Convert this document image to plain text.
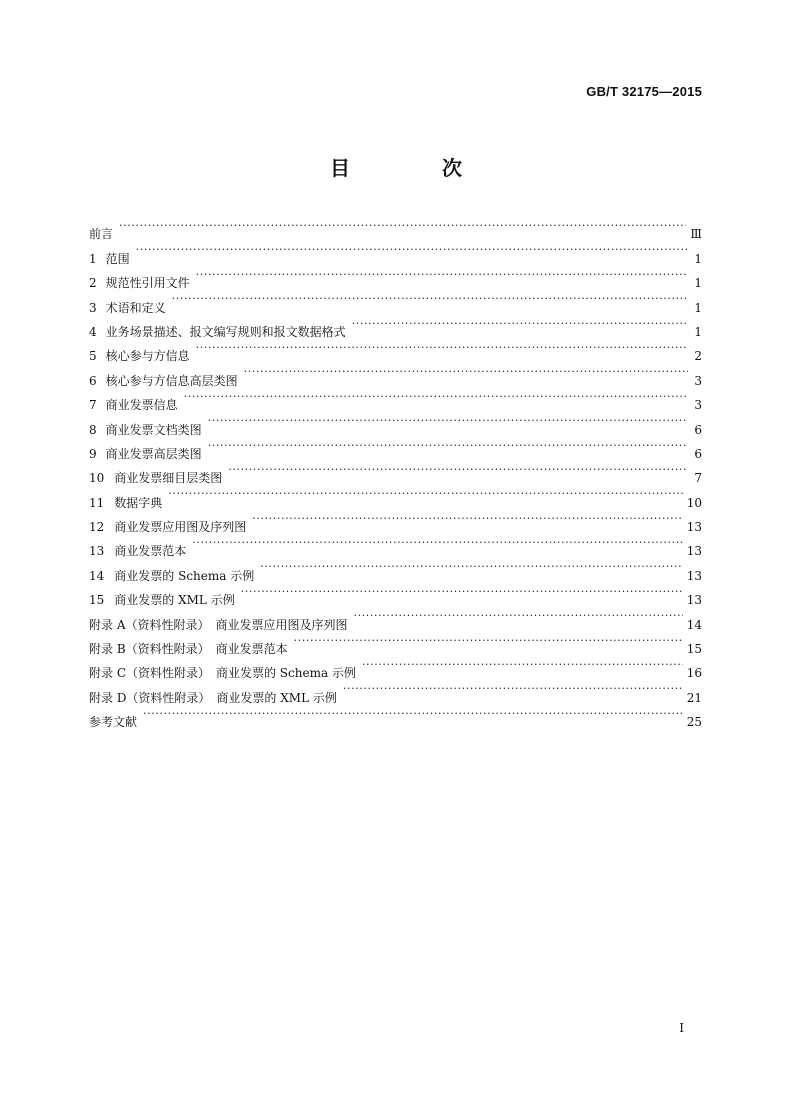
GB/T 32175—2015
目　次
前言 ·····	Ⅲ
1 范围 ·····	1
2 规范性引用文件 ·····	1
3 术语和定义 ·····	1
4 业务场景描述、报文编写规则和报文数据格式 ·····	1
5 核心参与方信息 ·····	2
6 核心参与方信息高层类图 ·····	3
7 商业发票信息 ·····	3
8 商业发票文档类图 ·····	6
9 商业发票高层类图 ·····	6
10 商业发票细目层类图 ·····	7
11 数据字典 ·····	10
12 商业发票应用图及序列图 ·····	13
13 商业发票范本 ·····	13
14 商业发票的 Schema 示例 ·····	13
15 商业发票的 XML 示例 ·····	13
附录 A（资料性附录）　商业发票应用图及序列图 ·····	14
附录 B（资料性附录）　商业发票范本 ·····	15
附录 C（资料性附录）　商业发票的 Schema 示例 ·····	16
附录 D（资料性附录）　商业发票的 XML 示例 ·····	21
参考文献 ·····	25
I
